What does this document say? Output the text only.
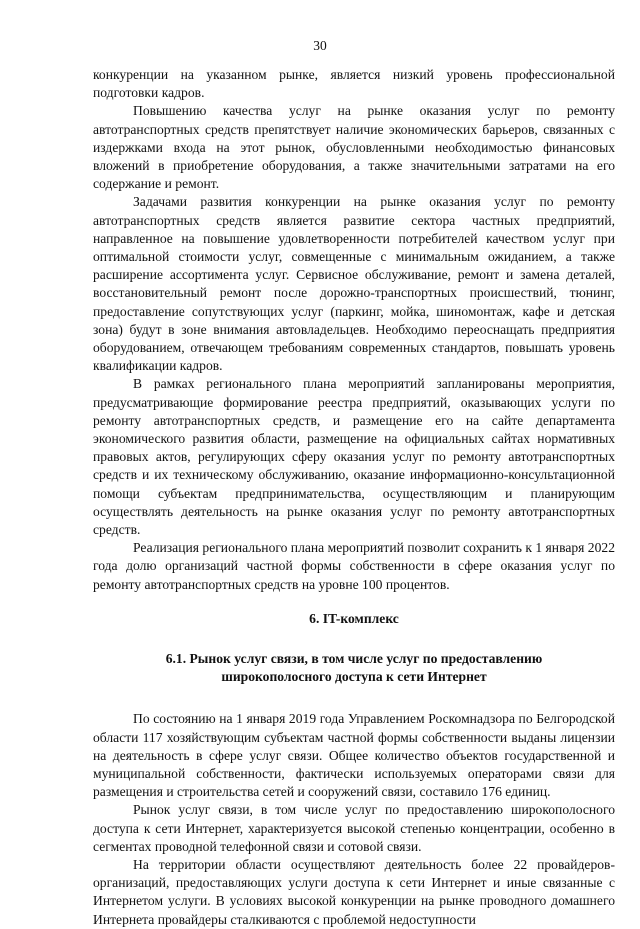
30

конкуренции на указанном рынке, является низкий уровень профессиональной подготовки кадров.

Повышению качества услуг на рынке оказания услуг по ремонту автотранспортных средств препятствует наличие экономических барьеров, связанных с издержками входа на этот рынок, обусловленными необходимостью финансовых вложений в приобретение оборудования, а также значительными затратами на его содержание и ремонт.

Задачами развития конкуренции на рынке оказания услуг по ремонту автотранспортных средств является развитие сектора частных предприятий, направленное на повышение удовлетворенности потребителей качеством услуг при оптимальной стоимости услуг, совмещенные с минимальным ожиданием, а также расширение ассортимента услуг. Сервисное обслуживание, ремонт и замена деталей, восстановительный ремонт после дорожно-транспортных происшествий, тюнинг, предоставление сопутствующих услуг (паркинг, мойка, шиномонтаж, кафе и детская зона) будут в зоне внимания автовладельцев. Необходимо переоснащать предприятия оборудованием, отвечающем требованиям современных стандартов, повышать уровень квалификации кадров.

В рамках регионального плана мероприятий запланированы мероприятия, предусматривающие формирование реестра предприятий, оказывающих услуги по ремонту автотранспортных средств, и размещение его на сайте департамента экономического развития области, размещение на официальных сайтах нормативных правовых актов, регулирующих сферу оказания услуг по ремонту автотранспортных средств и их техническому обслуживанию, оказание информационно-консультационной помощи субъектам предпринимательства, осуществляющим и планирующим осуществлять деятельность на рынке оказания услуг по ремонту автотранспортных средств.

Реализация регионального плана мероприятий позволит сохранить к 1 января 2022 года долю организаций частной формы собственности в сфере оказания услуг по ремонту автотранспортных средств на уровне 100 процентов.

6. IT-комплекс
6.1. Рынок услуг связи, в том числе услуг по предоставлению
широкополосного доступа к сети Интернет

По состоянию на 1 января 2019 года Управлением Роскомнадзора по Белгородской области 117 хозяйствующим субъектам частной формы собственности выданы лицензии на деятельность в сфере услуг связи. Общее количество объектов государственной и муниципальной собственности, фактически используемых операторами связи для размещения и строительства сетей и сооружений связи, составило 176 единиц.

Рынок услуг связи, в том числе услуг по предоставлению широкополосного доступа к сети Интернет, характеризуется высокой степенью концентрации, особенно в сегментах проводной телефонной связи и сотовой связи.

На территории области осуществляют деятельность более 22 провайдеров-организаций, предоставляющих услуги доступа к сети Интернет и иные связанные с Интернетом услуги. В условиях высокой конкуренции на рынке проводного домашнего Интернета провайдеры сталкиваются с проблемой недоступности
